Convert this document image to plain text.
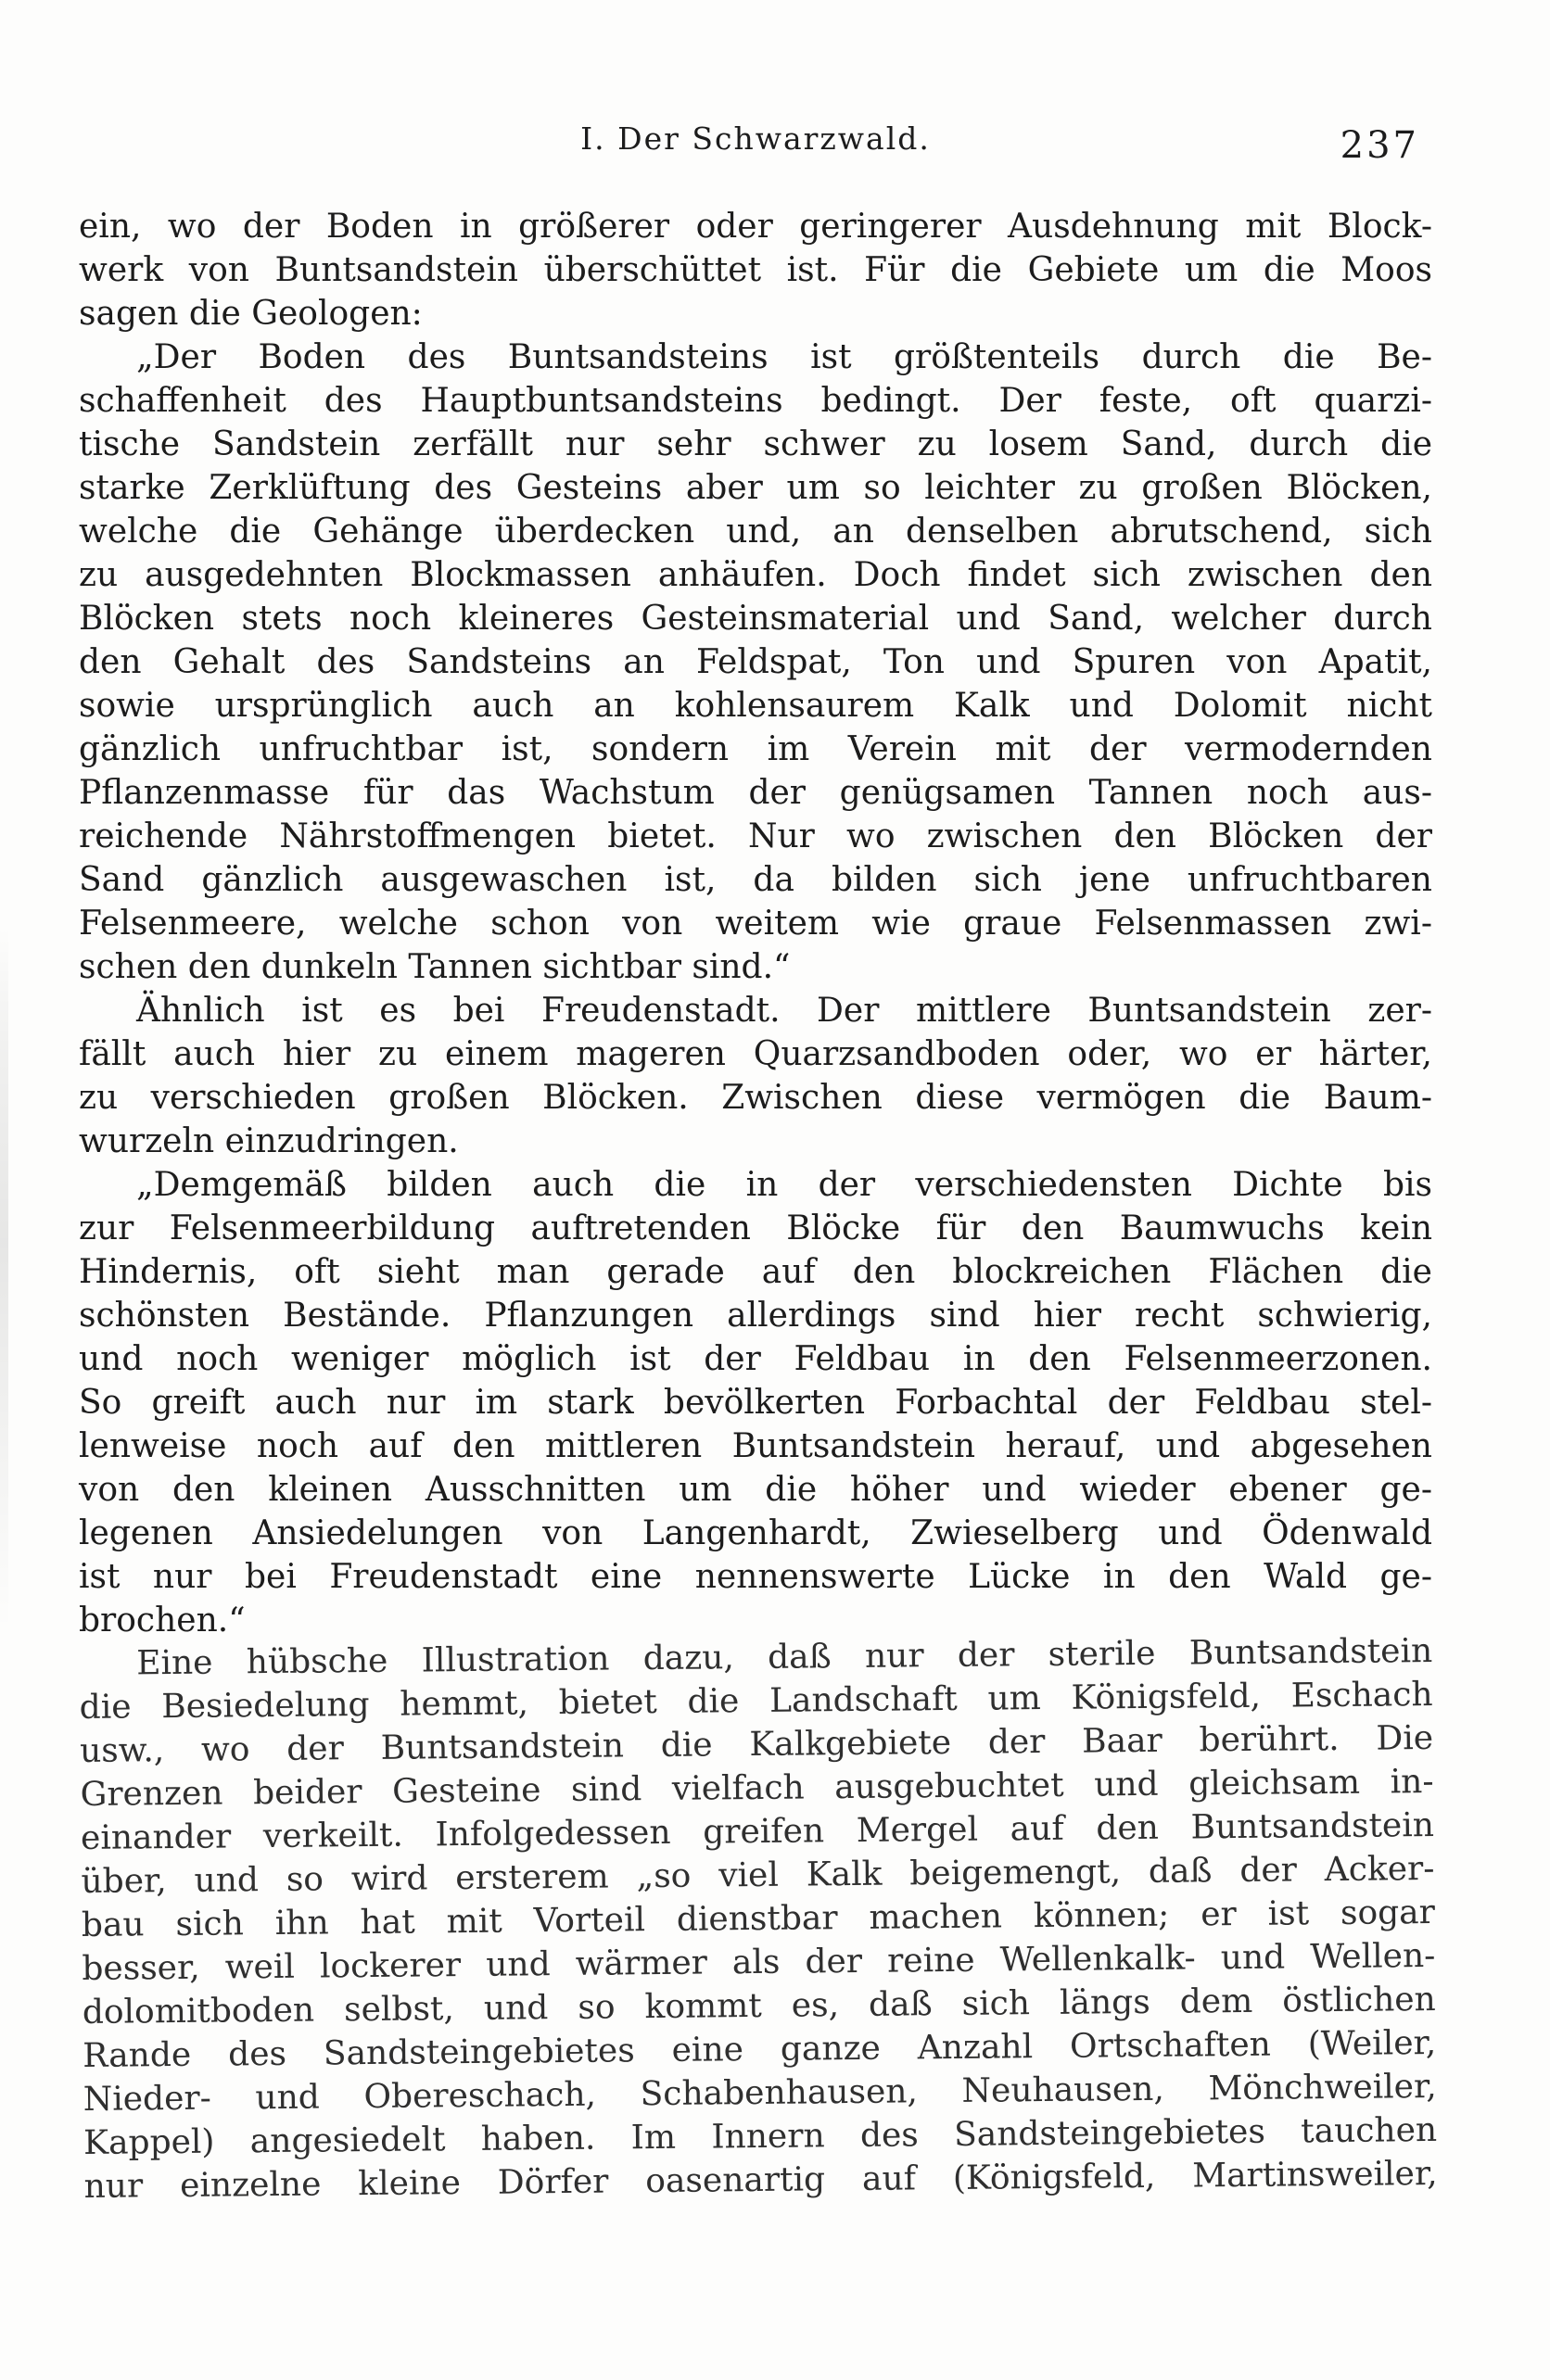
I. Der Schwarzwald.	237
ein, wo der Boden in größerer oder geringerer Ausdehnung mit Block-
werk von Buntsandstein überschüttet ist. Für die Gebiete um die Moos
sagen die Geologen:
„Der Boden des Buntsandsteins ist größtenteils durch die Be-
schaffenheit des Hauptbuntsandsteins bedingt. Der feste, oft quarzi-
tische Sandstein zerfällt nur sehr schwer zu losem Sand, durch die
starke Zerklüftung des Gesteins aber um so leichter zu großen Blöcken,
welche die Gehänge überdecken und, an denselben abrutschend, sich
zu ausgedehnten Blockmassen anhäufen. Doch findet sich zwischen den
Blöcken stets noch kleineres Gesteinsmaterial und Sand, welcher durch
den Gehalt des Sandsteins an Feldspat, Ton und Spuren von Apatit,
sowie ursprünglich auch an kohlensaurem Kalk und Dolomit nicht
gänzlich unfruchtbar ist, sondern im Verein mit der vermodernden
Pflanzenmasse für das Wachstum der genügsamen Tannen noch aus-
reichende Nährstoffmengen bietet. Nur wo zwischen den Blöcken der
Sand gänzlich ausgewaschen ist, da bilden sich jene unfruchtbaren
Felsenmeere, welche schon von weitem wie graue Felsenmassen zwi-
schen den dunkeln Tannen sichtbar sind.“
Ähnlich ist es bei Freudenstadt. Der mittlere Buntsandstein zer-
fällt auch hier zu einem mageren Quarzsandboden oder, wo er härter,
zu verschieden großen Blöcken. Zwischen diese vermögen die Baum-
wurzeln einzudringen.
„Demgemäß bilden auch die in der verschiedensten Dichte bis
zur Felsenmeerbildung auftretenden Blöcke für den Baumwuchs kein
Hindernis, oft sieht man gerade auf den blockreichen Flächen die
schönsten Bestände. Pflanzungen allerdings sind hier recht schwierig,
und noch weniger möglich ist der Feldbau in den Felsenmeerzonen.
So greift auch nur im stark bevölkerten Forbachtal der Feldbau stel-
lenweise noch auf den mittleren Buntsandstein herauf, und abgesehen
von den kleinen Ausschnitten um die höher und wieder ebener ge-
legenen Ansiedelungen von Langenhardt, Zwieselberg und Ödenwald
ist nur bei Freudenstadt eine nennenswerte Lücke in den Wald ge-
brochen.“
Eine hübsche Illustration dazu, daß nur der sterile Buntsandstein
die Besiedelung hemmt, bietet die Landschaft um Königsfeld, Eschach
usw., wo der Buntsandstein die Kalkgebiete der Baar berührt. Die
Grenzen beider Gesteine sind vielfach ausgebuchtet und gleichsam in-
einander verkeilt. Infolgedessen greifen Mergel auf den Buntsandstein
über, und so wird ersterem „so viel Kalk beigemengt, daß der Acker-
bau sich ihn hat mit Vorteil dienstbar machen können; er ist sogar
besser, weil lockerer und wärmer als der reine Wellenkalk- und Wellen-
dolomitboden selbst, und so kommt es, daß sich längs dem östlichen
Rande des Sandsteingebietes eine ganze Anzahl Ortschaften (Weiler,
Nieder- und Obereschach, Schabenhausen, Neuhausen, Mönchweiler,
Kappel) angesiedelt haben. Im Innern des Sandsteingebietes tauchen
nur einzelne kleine Dörfer oasenartig auf (Königsfeld, Martinsweiler,
